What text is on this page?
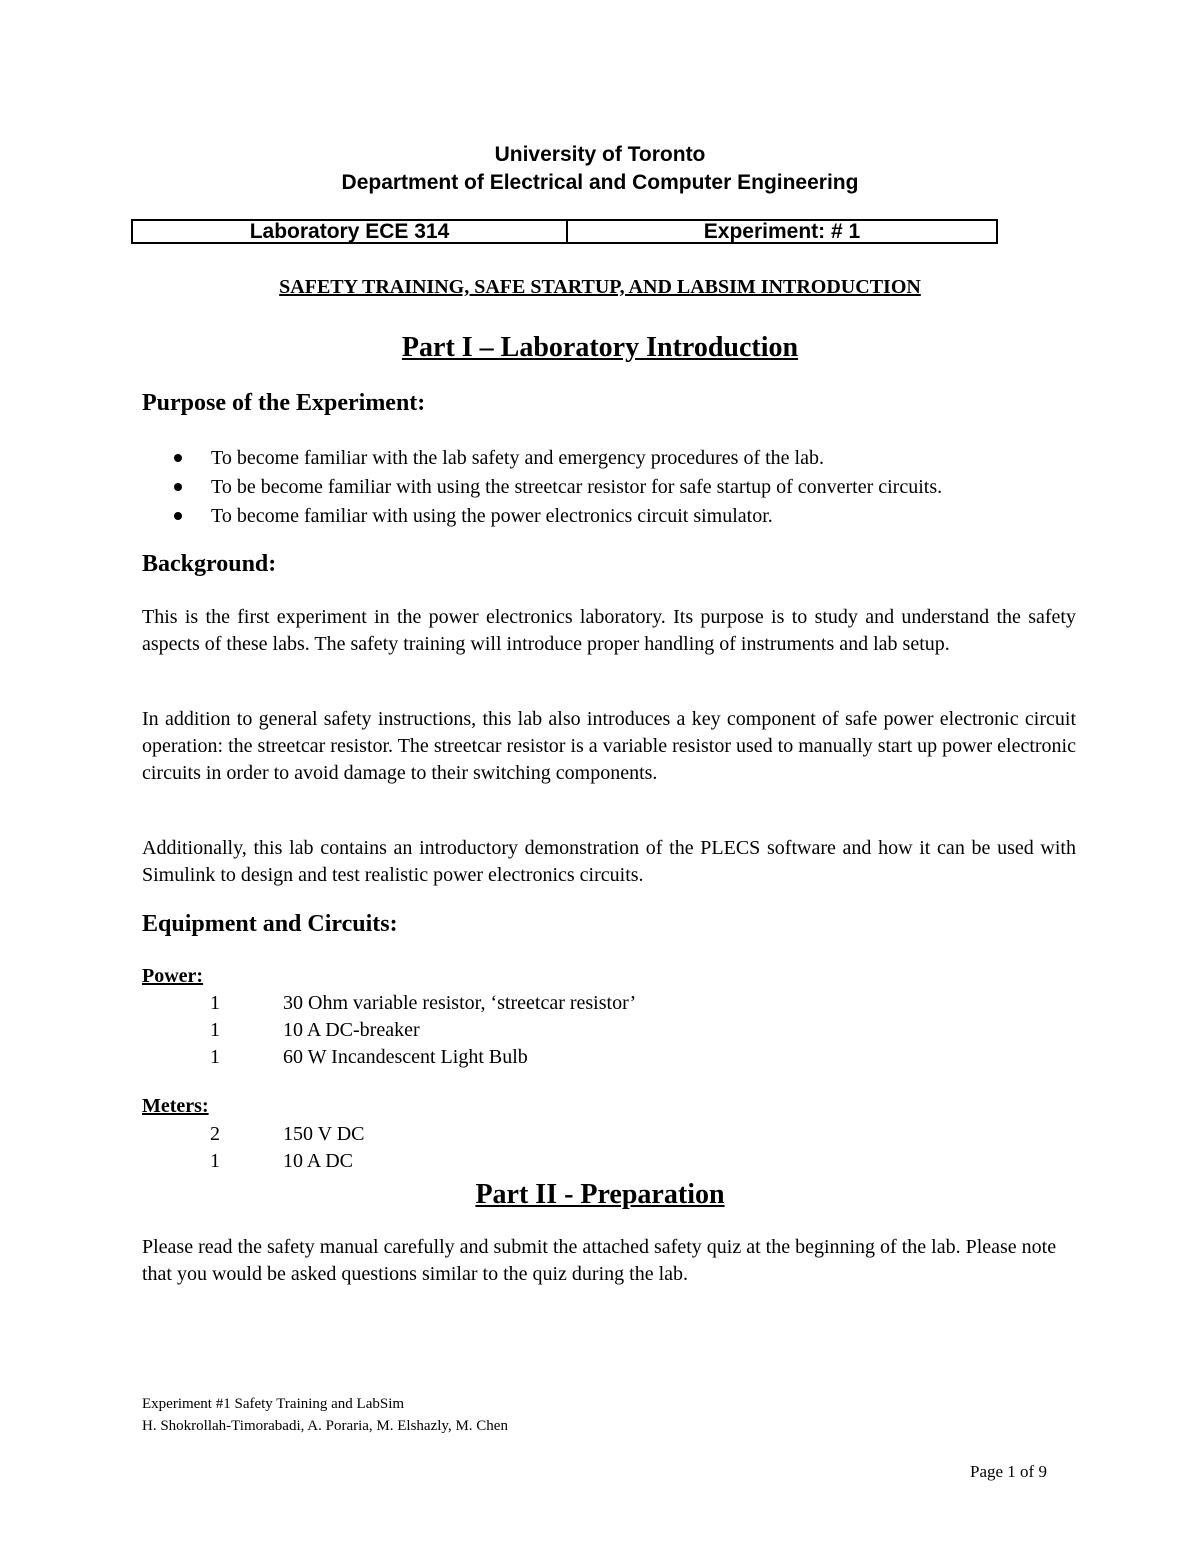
University of Toronto
Department of Electrical and Computer Engineering
Laboratory ECE 314	Experiment: # 1
SAFETY TRAINING, SAFE STARTUP, AND LABSIM INTRODUCTION
Part I – Laboratory Introduction
Purpose of the Experiment:
To become familiar with the lab safety and emergency procedures of the lab.
To be become familiar with using the streetcar resistor for safe startup of converter circuits.
To become familiar with using the power electronics circuit simulator.
Background:

This is the first experiment in the power electronics laboratory. Its purpose is to study and understand the safety aspects of these labs. The safety training will introduce proper handling of instruments and lab setup.

In addition to general safety instructions, this lab also introduces a key component of safe power electronic circuit operation: the streetcar resistor. The streetcar resistor is a variable resistor used to manually start up power electronic circuits in order to avoid damage to their switching components.

Additionally, this lab contains an introductory demonstration of the PLECS software and how it can be used with Simulink to design and test realistic power electronics circuits.

Equipment and Circuits:
Power:
1	30 Ohm variable resistor, ‘streetcar resistor’
1	10 A DC-breaker
1	60 W Incandescent Light Bulb
Meters:
2	150 V DC
1	10 A DC
Part II - Preparation

Please read the safety manual carefully and submit the attached safety quiz at the beginning of the lab. Please note that you would be asked questions similar to the quiz during the lab.

Experiment #1 Safety Training and LabSim
H. Shokrollah-Timorabadi, A. Poraria, M. Elshazly, M. Chen
Page 1 of 9
